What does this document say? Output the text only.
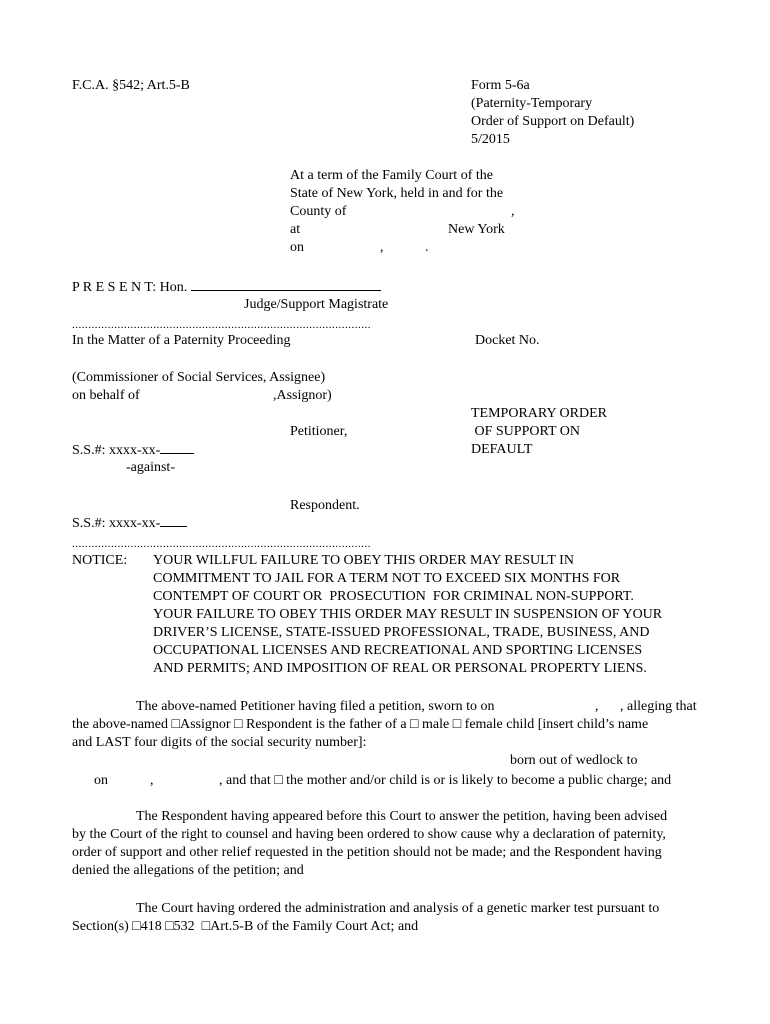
F.C.A. §542; Art.5-B	Form 5-6a
(Paternity-Temporary
Order of Support on Default)
5/2015
At a term of the Family Court of the
State of New York, held in and for the
County of
at
on
,
New York
,	.
P R E S E N T: Hon.
Judge/Support Magistrate
............................................................................................
In the Matter of a Paternity Proceeding	Docket No.
(Commissioner of Social Services, Assignee)
on behalf of	,Assignor)
TEMPORARY ORDER
OF SUPPORT ON
DEFAULT
Petitioner,
S.S.#: xxxx-xx-
-against-
Respondent.
S.S.#: xxxx-xx-
............................................................................................
NOTICE: YOUR WILLFUL FAILURE TO OBEY THIS ORDER MAY RESULT IN
COMMITMENT TO JAIL FOR A TERM NOT TO EXCEED SIX MONTHS FOR
CONTEMPT OF COURT OR  PROSECUTION  FOR CRIMINAL NON-SUPPORT.
YOUR FAILURE TO OBEY THIS ORDER MAY RESULT IN SUSPENSION OF YOUR
DRIVER’S LICENSE, STATE-ISSUED PROFESSIONAL, TRADE, BUSINESS, AND
OCCUPATIONAL LICENSES AND RECREATIONAL AND SPORTING LICENSES
AND PERMITS; AND IMPOSITION OF REAL OR PERSONAL PROPERTY LIENS.
The above-named Petitioner having filed a petition, sworn to on	, , alleging that
the above-named □Assignor □ Respondent is the father of a □ male □ female child [insert child’s name
and LAST four digits of the social security number]:
born out of wedlock to
on	,	, and that □ the mother and/or child is or is likely to become a public charge; and
The Respondent having appeared before this Court to answer the petition, having been advised
by the Court of the right to counsel and having been ordered to show cause why a declaration of paternity,
order of support and other relief requested in the petition should not be made; and the Respondent having
denied the allegations of the petition; and
The Court having ordered the administration and analysis of a genetic marker test pursuant to
Section(s) □418 □532  □Art.5-B of the Family Court Act; and
